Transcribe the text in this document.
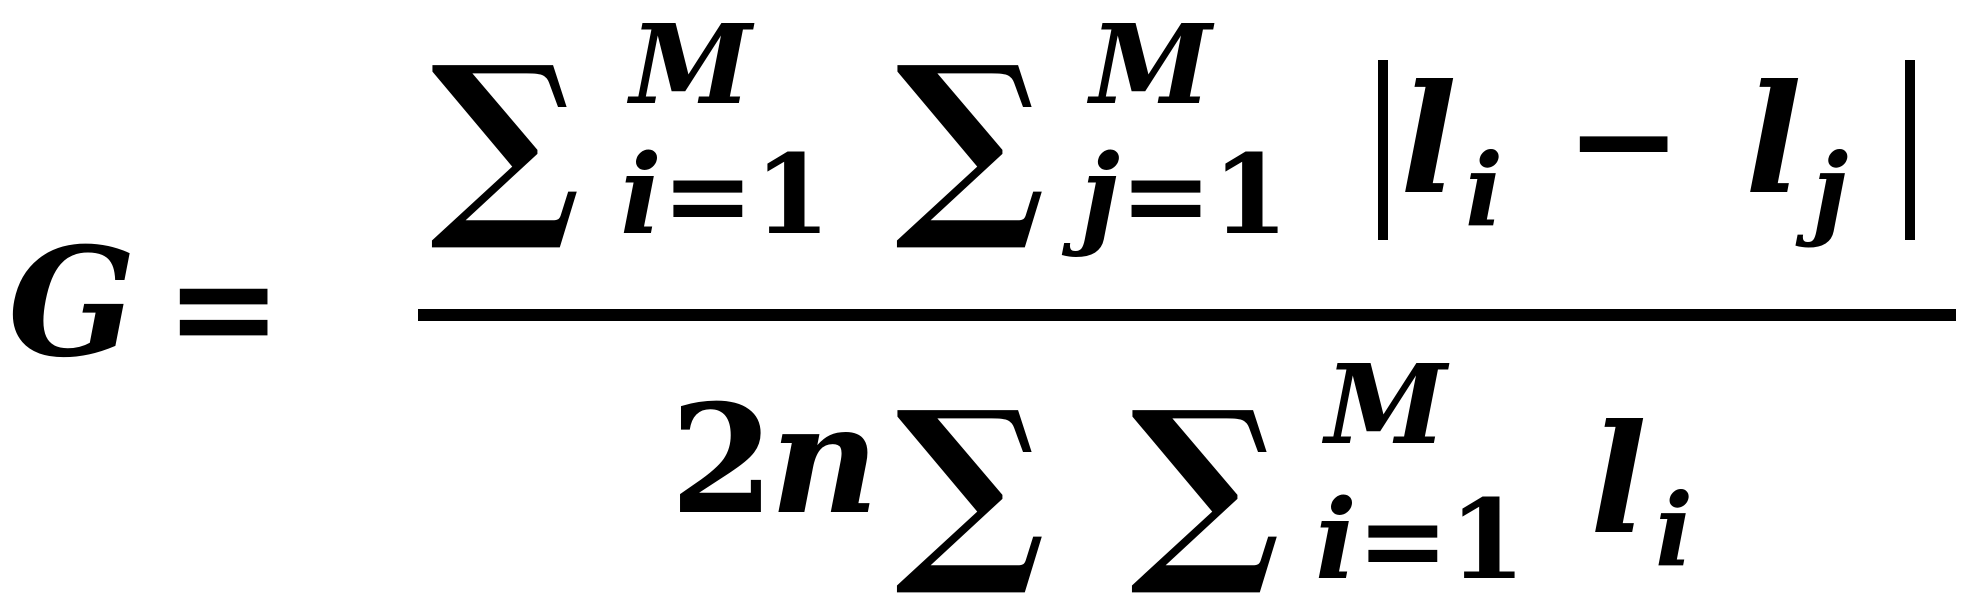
G =
∑ M
i=1 ∑ M
j=1 l i − l j
2
n ∑ ∑ M
i=1 l i
